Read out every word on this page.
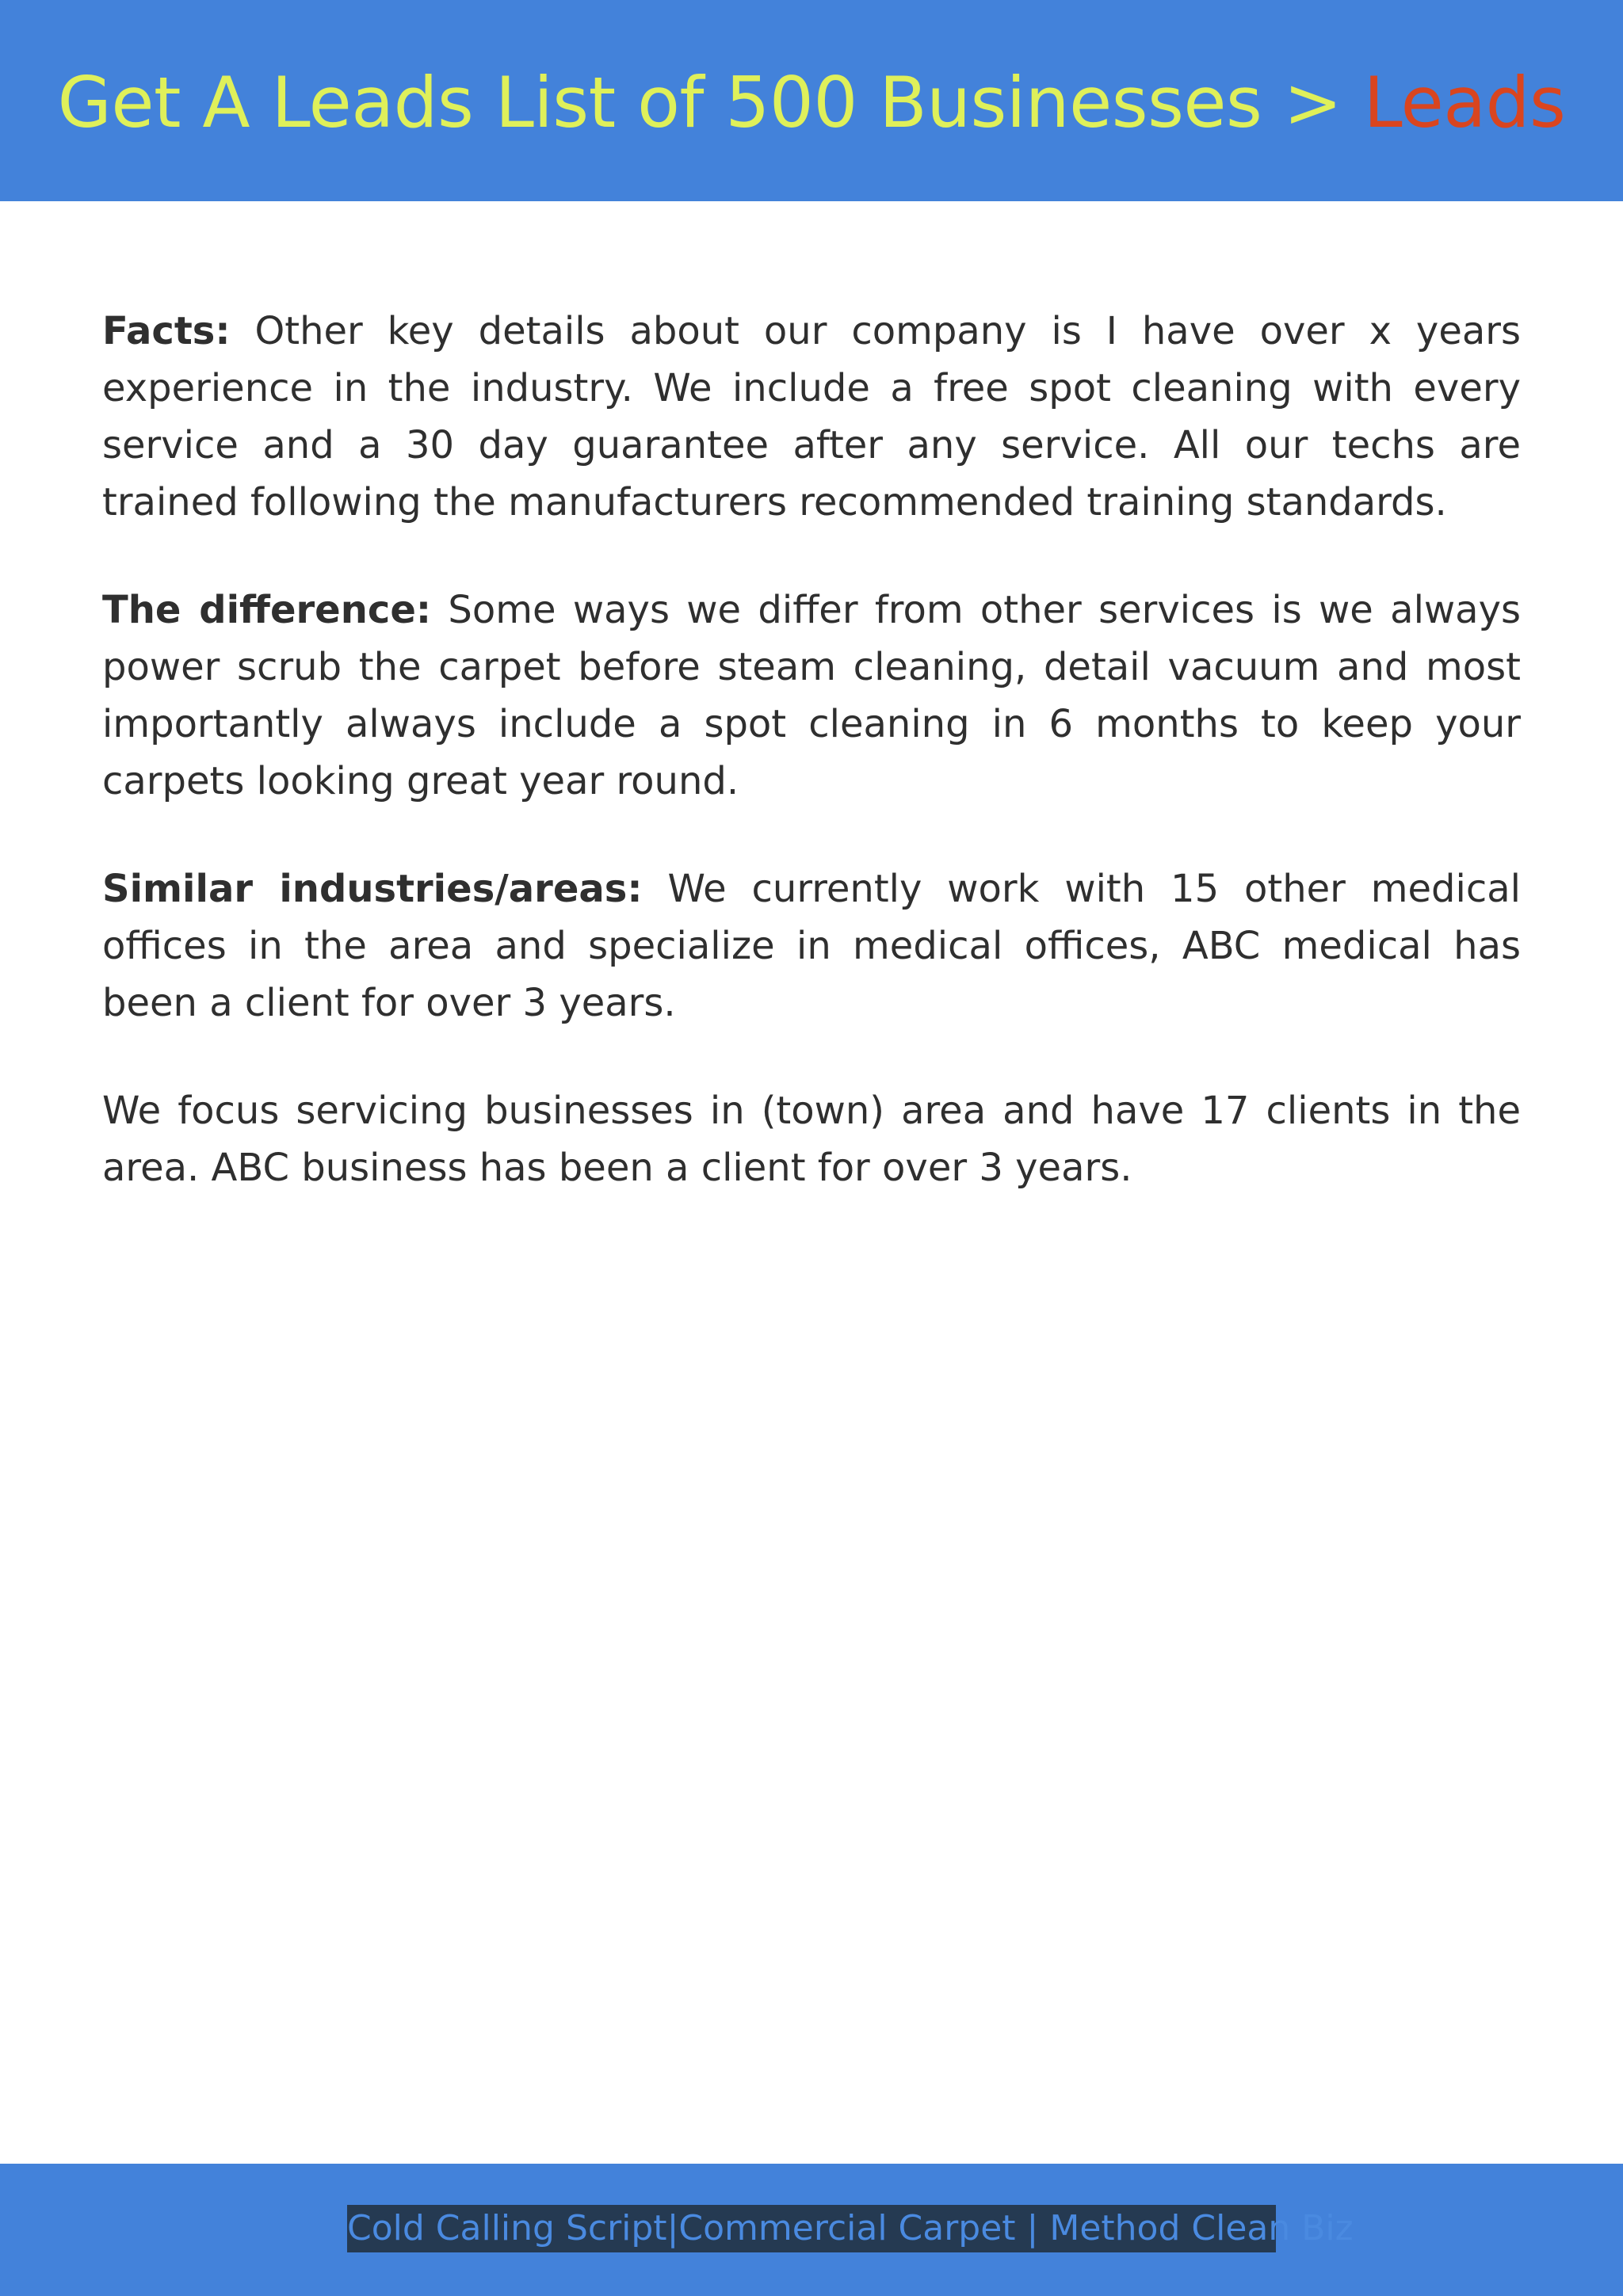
Get A Leads List of 500 Businesses > Leads

Facts: Other key details about our company is I have over x years experience in the industry. We include a free spot cleaning with every service and a 30 day guarantee after any service. All our techs are trained following the manufacturers recommended training standards.

The difference: Some ways we differ from other services is we always power scrub the carpet before steam cleaning, detail vacuum and most importantly always include a spot cleaning in 6 months to keep your carpets looking great year round.

Similar industries/areas: We currently work with 15 other medical offices in the area and specialize in medical offices, ABC medical has been a client for over 3 years.

We focus servicing businesses in (town) area and have 17 clients in the area. ABC business has been a client for over 3 years.

Cold Calling Script|Commercial Carpet | Method Clean Biz
